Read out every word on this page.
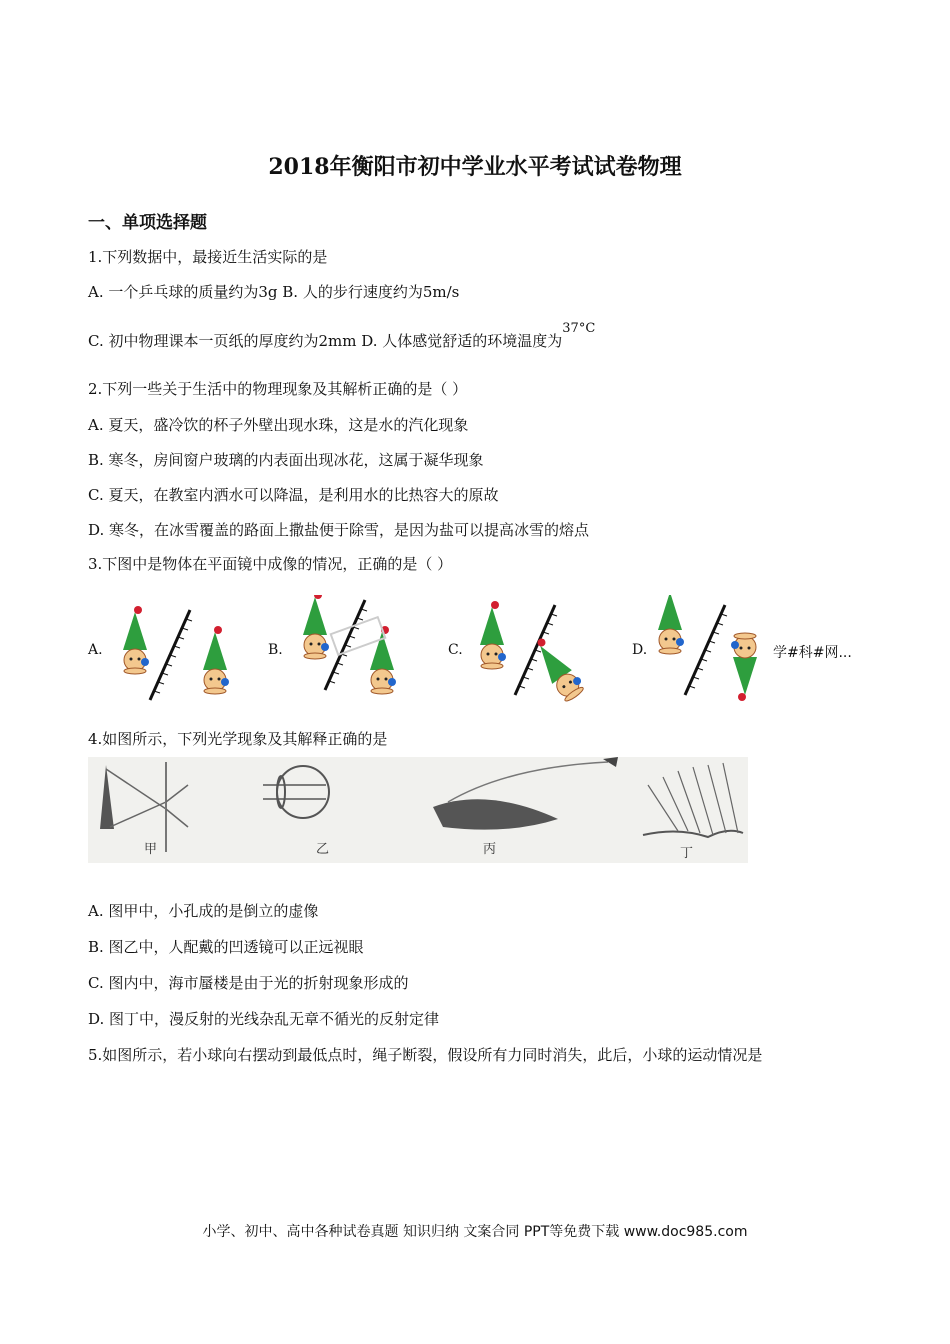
2018年衡阳市初中学业水平考试试卷物理
一、单项选择题
1.下列数据中，最接近生活实际的是
A. 一个乒乓球的质量约为3g B. 人的步行速度约为5m/s
C. 初中物理课本一页纸的厚度约为2mm D. 人体感觉舒适的环境温度为37°C
2.下列一些关于生活中的物理现象及其解析正确的是（ ）
A. 夏天，盛冷饮的杯子外壁出现水珠，这是水的汽化现象
B. 寒冬，房间窗户玻璃的内表面出现冰花，这属于凝华现象
C. 夏天，在教室内洒水可以降温，是利用水的比热容大的原故
D. 寒冬，在冰雪覆盖的路面上撒盐便于除雪，是因为盐可以提高冰雪的熔点
3.下图中是物体在平面镜中成像的情况，正确的是（ ）
A.	B.	C.	D.	学#科#网...
4.如图所示，下列光学现象及其解释正确的是
甲	乙	丙	丁
A. 图甲中，小孔成的是倒立的虚像
B. 图乙中，人配戴的凹透镜可以正远视眼
C. 图内中，海市蜃楼是由于光的折射现象形成的
D. 图丁中，漫反射的光线杂乱无章不循光的反射定律
5.如图所示，若小球向右摆动到最低点时，绳子断裂，假设所有力同时消失，此后，小球的运动情况是
小学、初中、高中各种试卷真题 知识归纳 文案合同 PPT等免费下载 www.doc985.com
